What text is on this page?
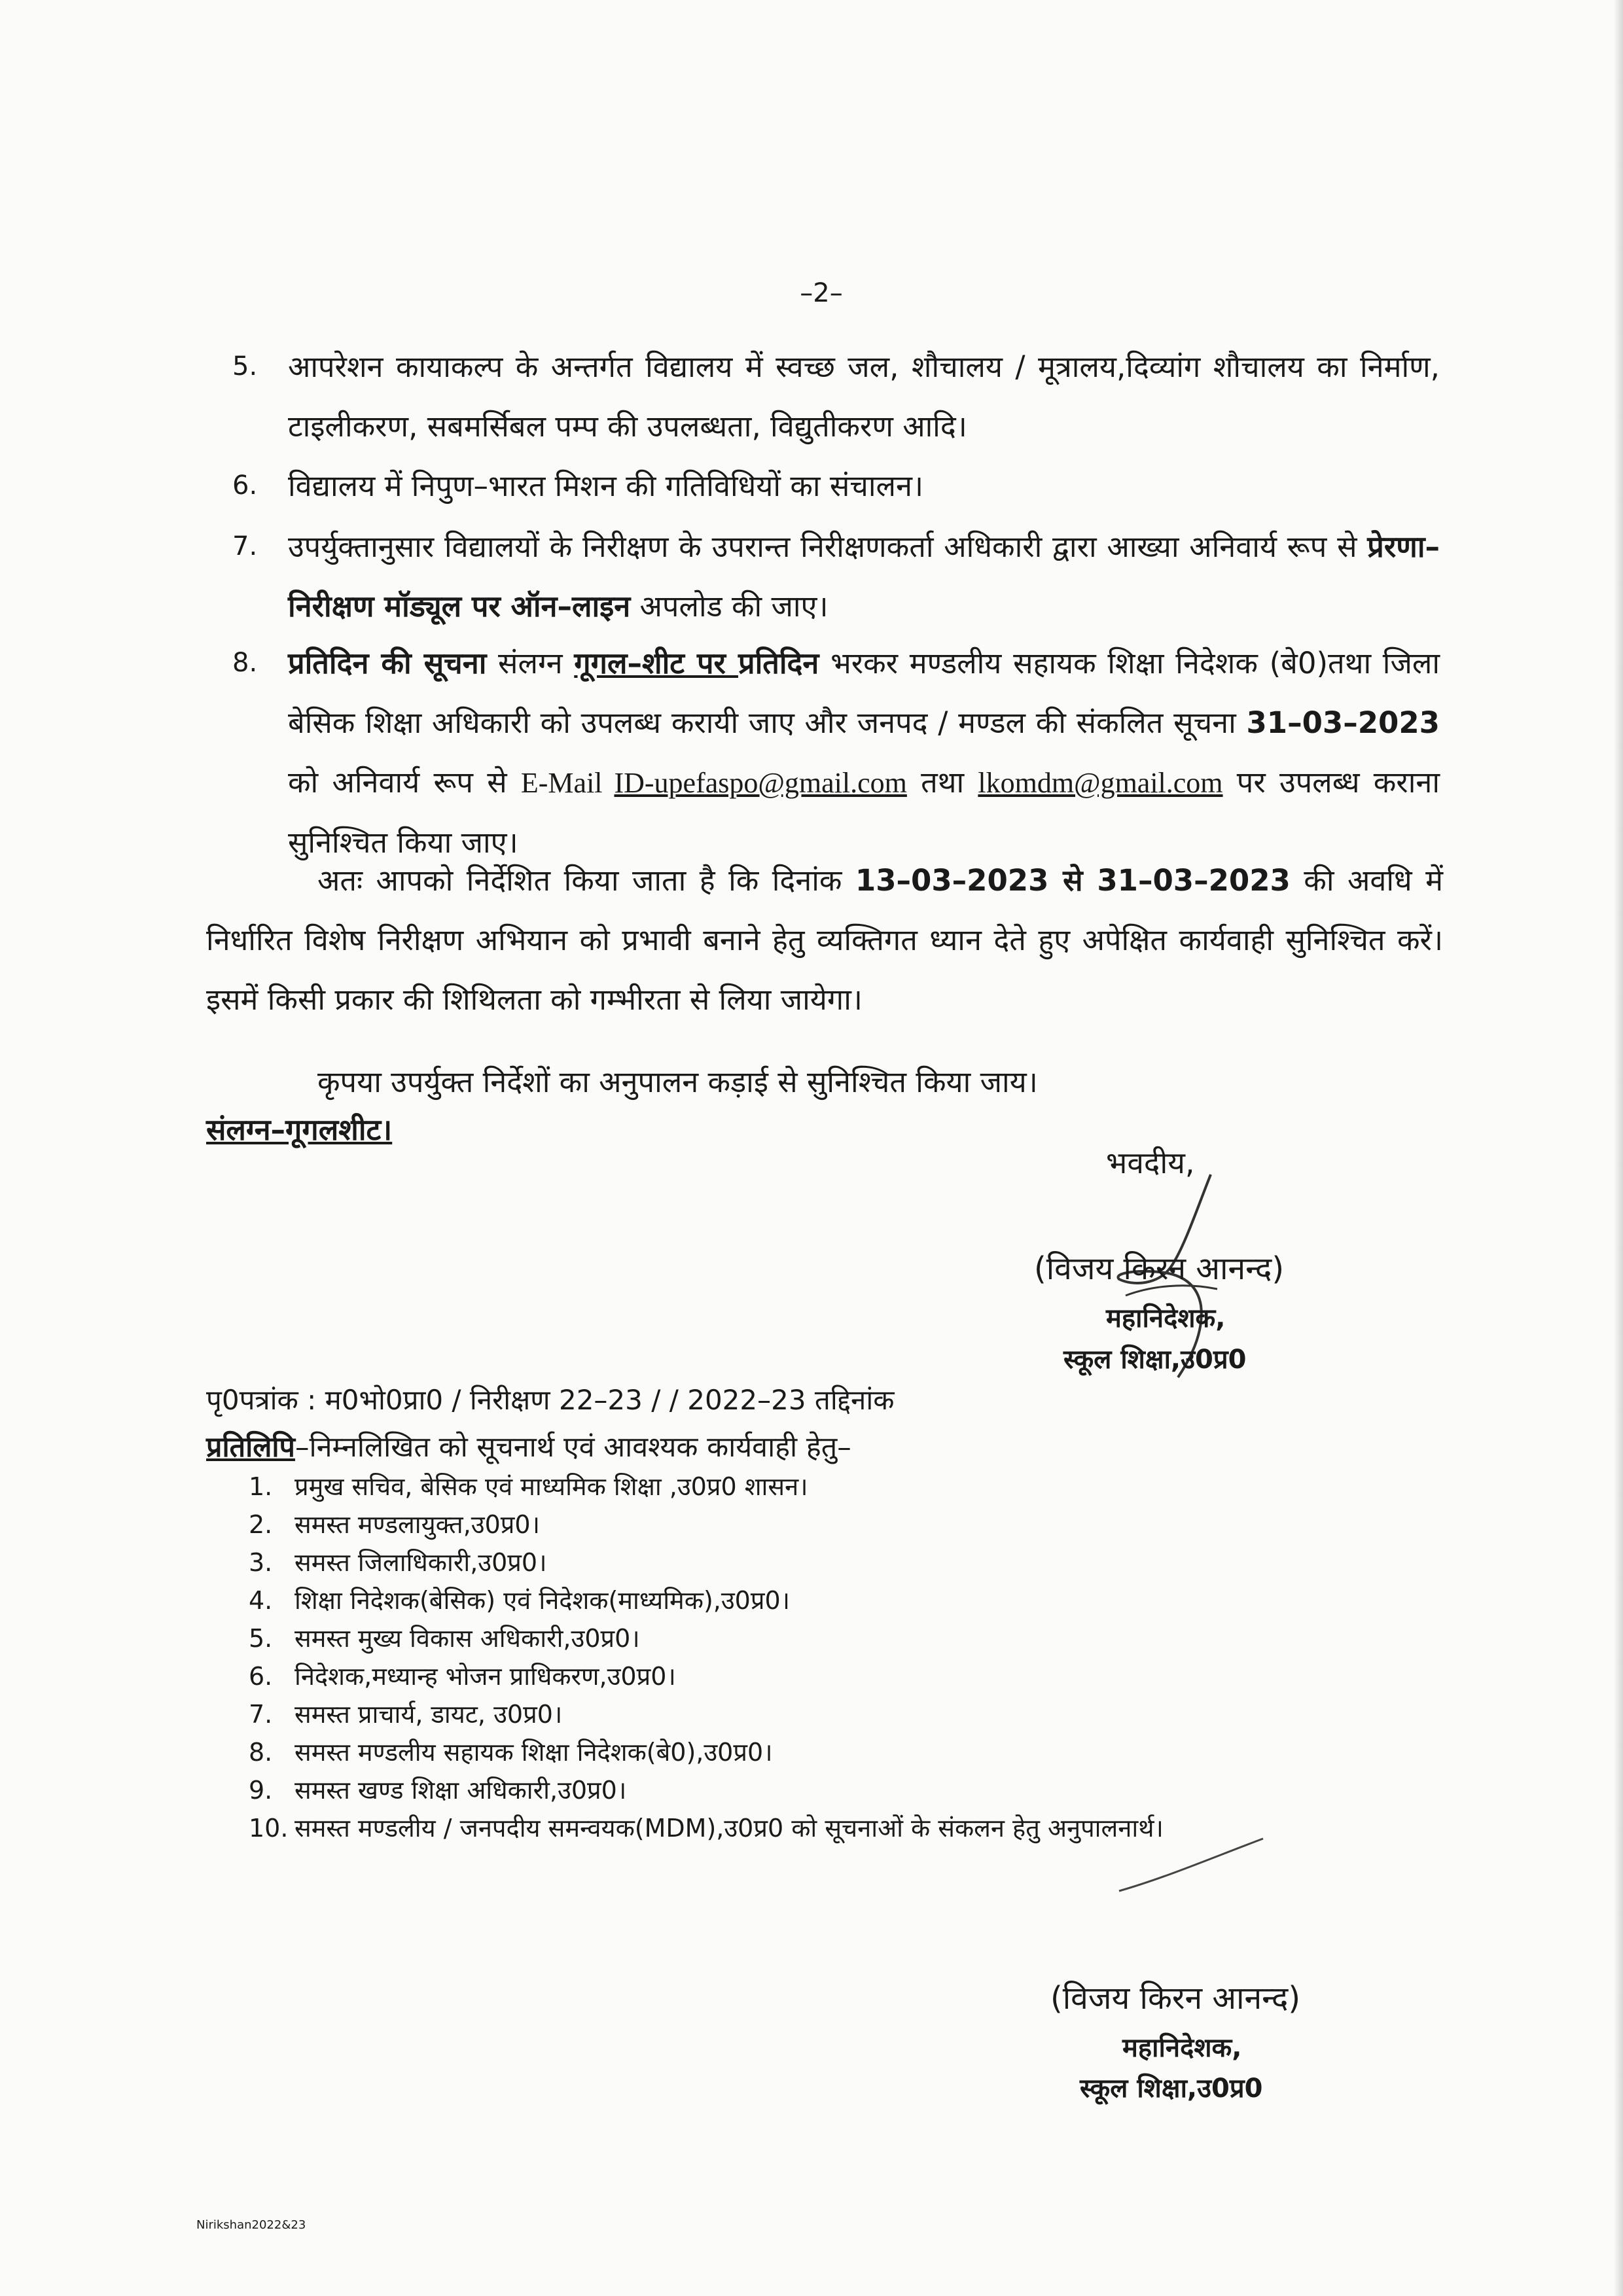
–2–
5. आपरेशन कायाकल्प के अन्तर्गत विद्यालय में स्वच्छ जल, शौचालय / मूत्रालय,दिव्यांग शौचालय का निर्माण, टाइलीकरण, सबमर्सिबल पम्प की उपलब्धता, विद्युतीकरण आदि।
6. विद्यालय में निपुण–भारत मिशन की गतिविधियों का संचालन।
7. उपर्युक्तानुसार विद्यालयों के निरीक्षण के उपरान्त निरीक्षणकर्ता अधिकारी द्वारा आख्या अनिवार्य रूप से प्रेरणा–निरीक्षण मॉड्यूल पर ऑन–लाइन अपलोड की जाए।
8. प्रतिदिन की सूचना संलग्न गूगल–शीट पर प्रतिदिन भरकर मण्डलीय सहायक शिक्षा निदेशक (बे0)तथा जिला बेसिक शिक्षा अधिकारी को उपलब्ध करायी जाए और जनपद / मण्डल की संकलित सूचना 31–03–2023 को अनिवार्य रूप से E-Mail ID-upefaspo@gmail.com तथा lkomdm@gmail.com पर उपलब्ध कराना सुनिश्चित किया जाए।
अतः आपको निर्देशित किया जाता है कि दिनांक 13–03–2023 से 31–03–2023 की अवधि में निर्धारित विशेष निरीक्षण अभियान को प्रभावी बनाने हेतु व्यक्तिगत ध्यान देते हुए अपेक्षित कार्यवाही सुनिश्चित करें। इसमें किसी प्रकार की शिथिलता को गम्भीरता से लिया जायेगा।
कृपया उपर्युक्त निर्देशों का अनुपालन कड़ाई से सुनिश्चित किया जाय।
संलग्न–गूगलशीट।
भवदीय,
(विजय किरन आनन्द)
महानिदेशक,
स्कूल शिक्षा,उ0प्र0
पृ0पत्रांक : म0भो0प्रा0 / निरीक्षण 22–23 / / 2022–23 तद्दिनांक
प्रतिलिपि–निम्नलिखित को सूचनार्थ एवं आवश्यक कार्यवाही हेतु–
1. प्रमुख सचिव, बेसिक एवं माध्यमिक शिक्षा ,उ0प्र0 शासन।
2. समस्त मण्डलायुक्त,उ0प्र0।
3. समस्त जिलाधिकारी,उ0प्र0।
4. शिक्षा निदेशक(बेसिक) एवं निदेशक(माध्यमिक),उ0प्र0।
5. समस्त मुख्य विकास अधिकारी,उ0प्र0।
6. निदेशक,मध्यान्ह भोजन प्राधिकरण,उ0प्र0।
7. समस्त प्राचार्य, डायट, उ0प्र0।
8. समस्त मण्डलीय सहायक शिक्षा निदेशक(बे0),उ0प्र0।
9. समस्त खण्ड शिक्षा अधिकारी,उ0प्र0।
10. समस्त मण्डलीय / जनपदीय समन्वयक(MDM),उ0प्र0 को सूचनाओं के संकलन हेतु अनुपालनार्थ।
(विजय किरन आनन्द)
महानिदेशक,
स्कूल शिक्षा,उ0प्र0
Nirikshan2022&23
